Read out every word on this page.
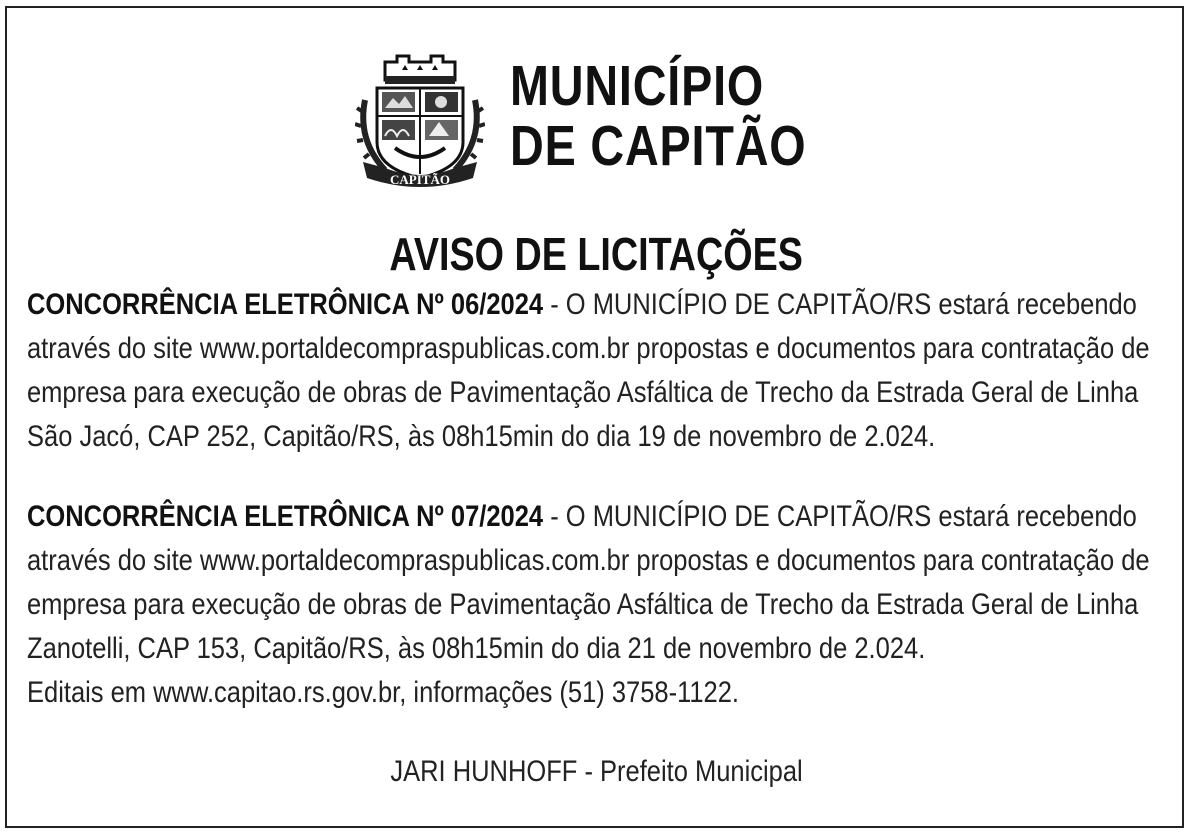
CAPITÃO
MUNICÍPIO
DE CAPITÃO
AVISO DE LICITAÇÕES
CONCORRÊNCIA ELETRÔNICA Nº 06/2024 - O MUNICÍPIO DE CAPITÃO/RS estará recebendo
através do site www.portaldecompraspublicas.com.br propostas e documentos para contratação de
empresa para execução de obras de Pavimentação Asfáltica de Trecho da Estrada Geral de Linha
São Jacó, CAP 252, Capitão/RS, às 08h15min do dia 19 de novembro de 2.024.
CONCORRÊNCIA ELETRÔNICA Nº 07/2024 - O MUNICÍPIO DE CAPITÃO/RS estará recebendo
através do site www.portaldecompraspublicas.com.br propostas e documentos para contratação de
empresa para execução de obras de Pavimentação Asfáltica de Trecho da Estrada Geral de Linha
Zanotelli, CAP 153, Capitão/RS, às 08h15min do dia 21 de novembro de 2.024.
Editais em www.capitao.rs.gov.br, informações (51) 3758-1122.
JARI HUNHOFF - Prefeito Municipal
